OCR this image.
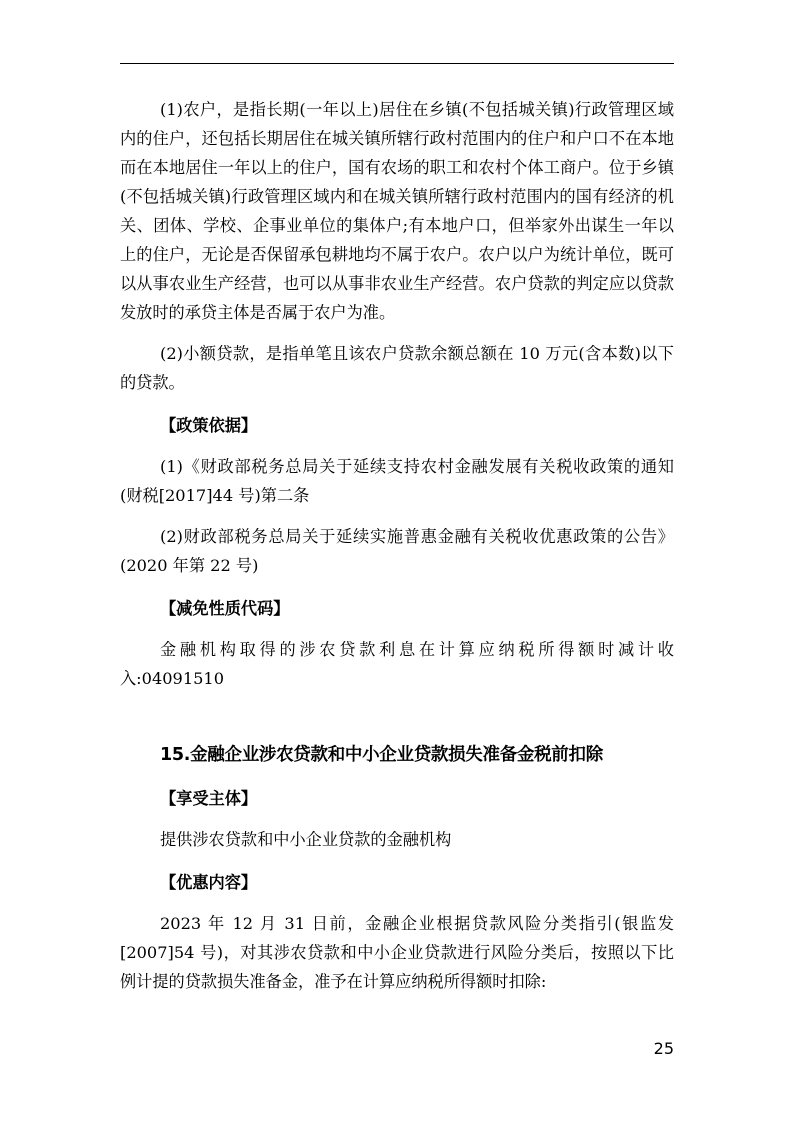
(1)农户，是指长期(一年以上)居住在乡镇(不包括城关镇)行政管理区域内的住户，还包括长期居住在城关镇所辖行政村范围内的住户和户口不在本地而在本地居住一年以上的住户，国有农场的职工和农村个体工商户。位于乡镇(不包括城关镇)行政管理区域内和在城关镇所辖行政村范围内的国有经济的机关、团体、学校、企事业单位的集体户;有本地户口，但举家外出谋生一年以上的住户，无论是否保留承包耕地均不属于农户。农户以户为统计单位，既可以从事农业生产经营，也可以从事非农业生产经营。农户贷款的判定应以贷款发放时的承贷主体是否属于农户为准。

(2)小额贷款，是指单笔且该农户贷款余额总额在 10 万元(含本数)以下的贷款。

【政策依据】

(1)《财政部税务总局关于延续支持农村金融发展有关税收政策的通知(财税[2017]44 号)第二条

(2)财政部税务总局关于延续实施普惠金融有关税收优惠政策的公告》(2020 年第 22 号)

【减免性质代码】

金融机构取得的涉农贷款利息在计算应纳税所得额时减计收入:04091510

15.金融企业涉农贷款和中小企业贷款损失准备金税前扣除

【享受主体】

提供涉农贷款和中小企业贷款的金融机构

【优惠内容】

2023 年 12 月 31 日前，金融企业根据贷款风险分类指引(银监发[2007]54 号)，对其涉农贷款和中小企业贷款进行风险分类后，按照以下比例计提的贷款损失准备金，准予在计算应纳税所得额时扣除:

25
